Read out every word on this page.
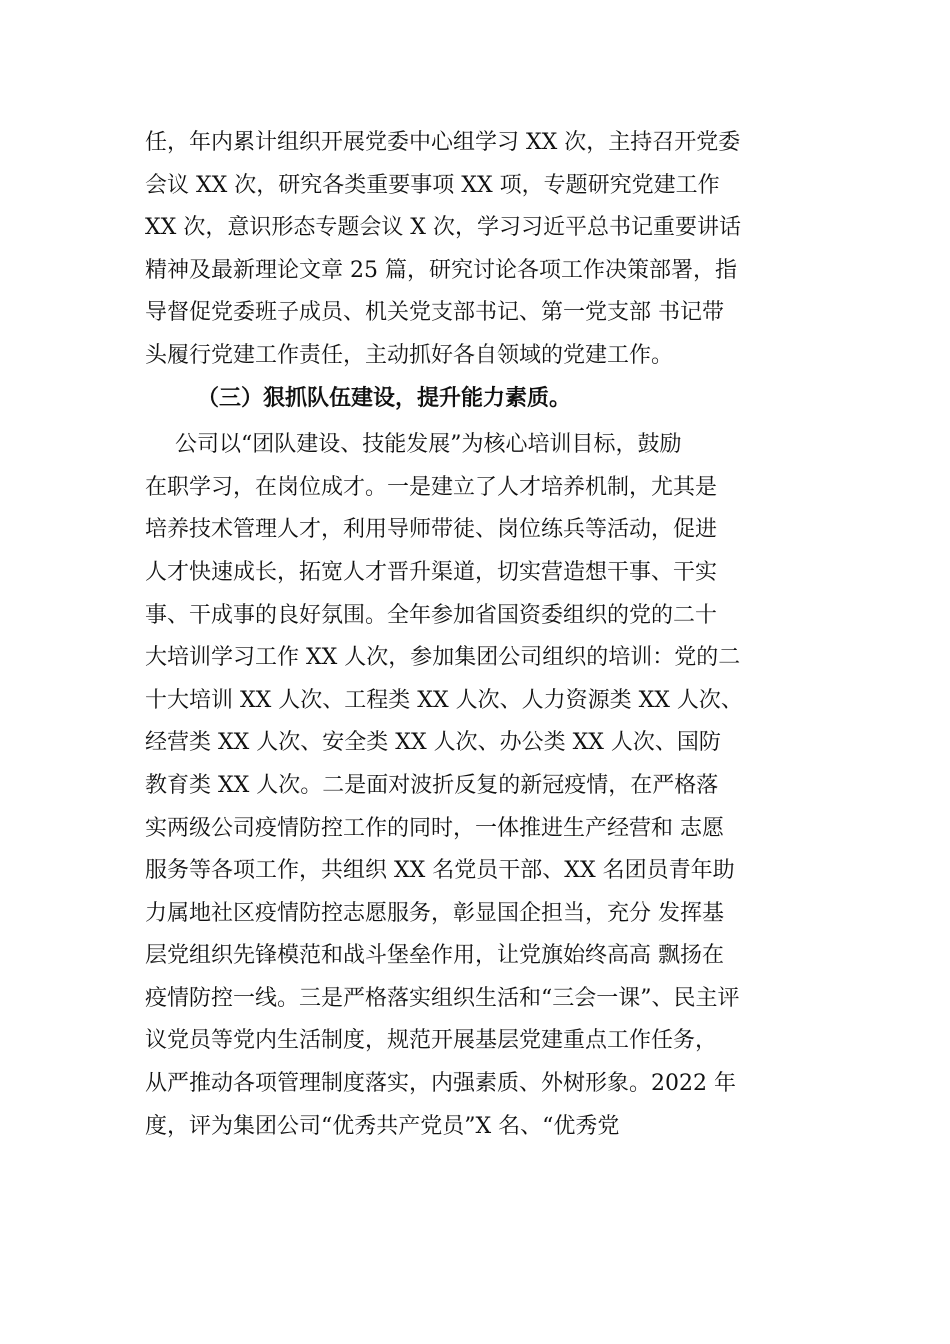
任，年内累计组织开展党委中心组学习 XX 次，主持召开党委
会议 XX 次，研究各类重要事项 XX 项，专题研究党建工作
XX 次，意识形态专题会议 X 次，学习习近平总书记重要讲话
精神及最新理论文章 25 篇，研究讨论各项工作决策部署，指
导督促党委班子成员、机关党支部书记、第一党支部 书记带
头履行党建工作责任，主动抓好各自领域的党建工作。
（三）狠抓队伍建设，提升能力素质。
公司以“团队建设、技能发展”为核心培训目标，鼓励
在职学习，在岗位成才。一是建立了人才培养机制，尤其是
培养技术管理人才，利用导师带徒、岗位练兵等活动，促进
人才快速成长，拓宽人才晋升渠道，切实营造想干事、干实
事、干成事的良好氛围。全年参加省国资委组织的党的二十
大培训学习工作 XX 人次，参加集团公司组织的培训：党的二
十大培训 XX 人次、工程类 XX 人次、人力资源类 XX 人次、
经营类 XX 人次、安全类 XX 人次、办公类 XX 人次、国防
教育类 XX 人次。二是面对波折反复的新冠疫情，在严格落
实两级公司疫情防控工作的同时，一体推进生产经营和 志愿
服务等各项工作，共组织 XX 名党员干部、XX 名团员青年助
力属地社区疫情防控志愿服务，彰显国企担当，充分 发挥基
层党组织先锋模范和战斗堡垒作用，让党旗始终高高 飘扬在
疫情防控一线。三是严格落实组织生活和“三会一课”、民主评
议党员等党内生活制度，规范开展基层党建重点工作任务，
从严推动各项管理制度落实，内强素质、外树形象。2022 年
度，评为集团公司“优秀共产党员”X 名、“优秀党
